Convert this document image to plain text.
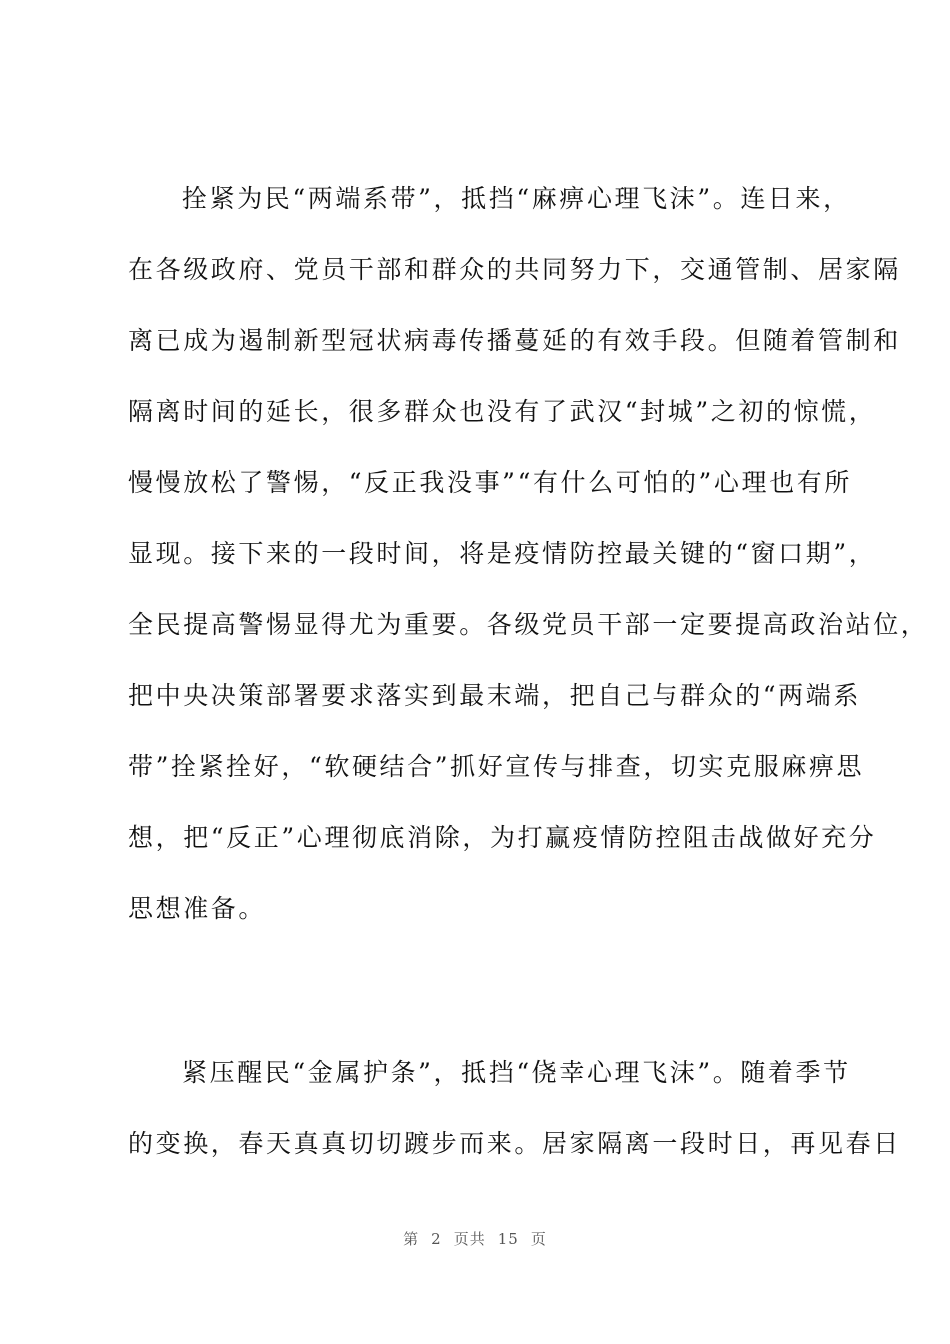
拴紧为民“两端系带”，抵挡“麻痹心理飞沫”。连日来，
在各级政府、党员干部和群众的共同努力下，交通管制、居家隔
离已成为遏制新型冠状病毒传播蔓延的有效手段。但随着管制和
隔离时间的延长，很多群众也没有了武汉“封城”之初的惊慌，
慢慢放松了警惕，“反正我没事”“有什么可怕的”心理也有所
显现。接下来的一段时间，将是疫情防控最关键的“窗口期”，
全民提高警惕显得尤为重要。各级党员干部一定要提高政治站位，
把中央决策部署要求落实到最末端，把自己与群众的“两端系
带”拴紧拴好，“软硬结合”抓好宣传与排查，切实克服麻痹思
想，把“反正”心理彻底消除，为打赢疫情防控阻击战做好充分
思想准备。
紧压醒民“金属护条”，抵挡“侥幸心理飞沫”。随着季节
的变换，春天真真切切踱步而来。居家隔离一段时日，再见春日
第 2 页共 15 页
